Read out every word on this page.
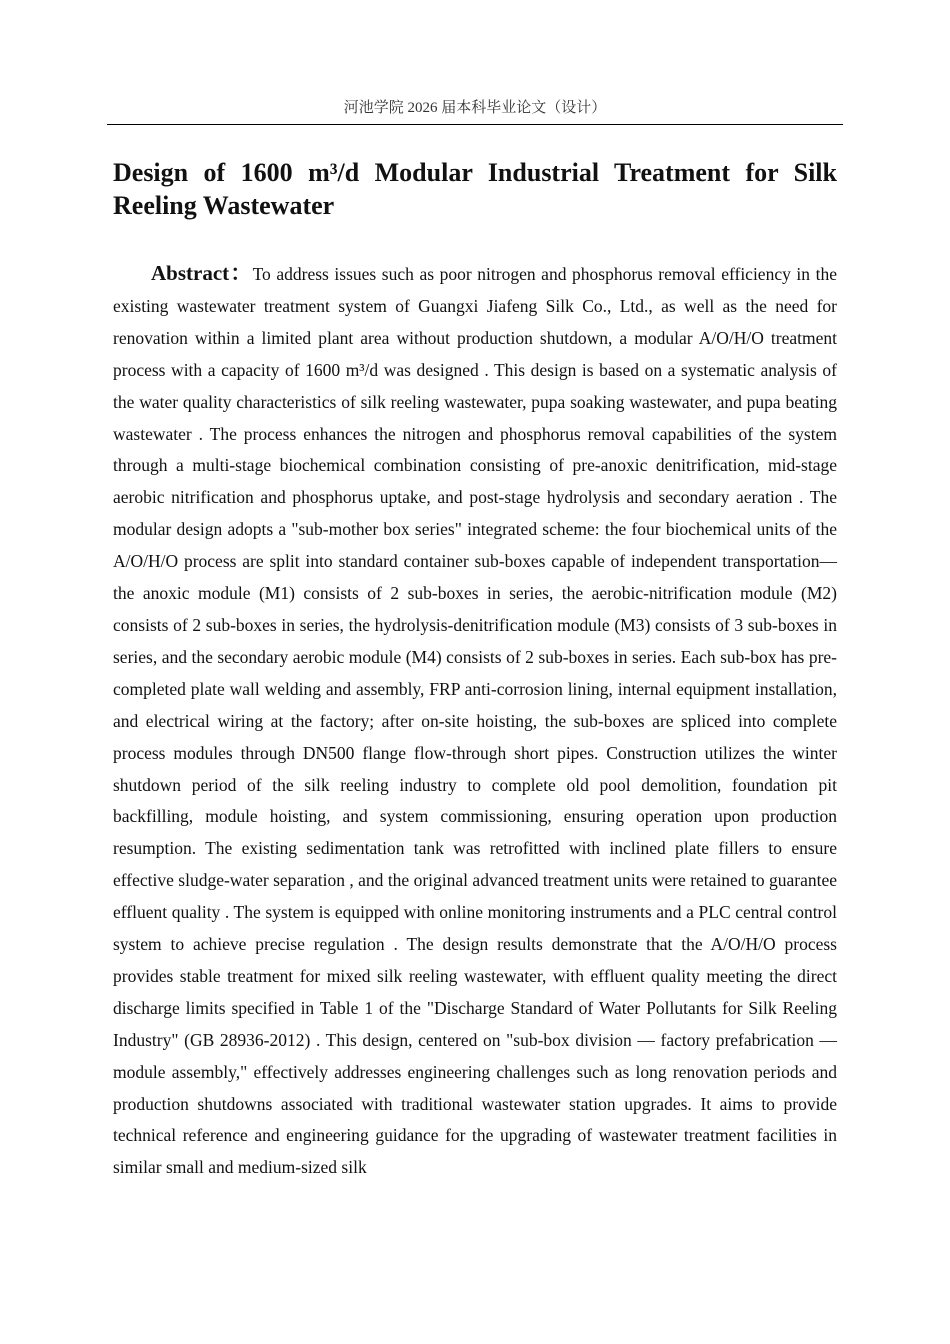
河池学院 2026 届本科毕业论文（设计）
Design of 1600 m³/d Modular Industrial Treatment for Silk Reeling Wastewater

Abstract：To address issues such as poor nitrogen and phosphorus removal efficiency in the existing wastewater treatment system of Guangxi Jiafeng Silk Co., Ltd., as well as the need for renovation within a limited plant area without production shutdown, a modular A/O/H/O treatment process with a capacity of 1600 m³/d was designed . This design is based on a systematic analysis of the water quality characteristics of silk reeling wastewater, pupa soaking wastewater, and pupa beating wastewater . The process enhances the nitrogen and phosphorus removal capabilities of the system through a multi-stage biochemical combination consisting of pre-anoxic denitrification, mid-stage aerobic nitrification and phosphorus uptake, and post-stage hydrolysis and secondary aeration . The modular design adopts a "sub-mother box series" integrated scheme: the four biochemical units of the A/O/H/O process are split into standard container sub-boxes capable of independent transportation—the anoxic module (M1) consists of 2 sub-boxes in series, the aerobic-nitrification module (M2) consists of 2 sub-boxes in series, the hydrolysis-denitrification module (M3) consists of 3 sub-boxes in series, and the secondary aerobic module (M4) consists of 2 sub-boxes in series. Each sub-box has pre-completed plate wall welding and assembly, FRP anti-corrosion lining, internal equipment installation, and electrical wiring at the factory; after on-site hoisting, the sub-boxes are spliced into complete process modules through DN500 flange flow-through short pipes. Construction utilizes the winter shutdown period of the silk reeling industry to complete old pool demolition, foundation pit backfilling, module hoisting, and system commissioning, ensuring operation upon production resumption. The existing sedimentation tank was retrofitted with inclined plate fillers to ensure effective sludge-water separation , and the original advanced treatment units were retained to guarantee effluent quality . The system is equipped with online monitoring instruments and a PLC central control system to achieve precise regulation . The design results demonstrate that the A/O/H/O process provides stable treatment for mixed silk reeling wastewater, with effluent quality meeting the direct discharge limits specified in Table 1 of the "Discharge Standard of Water Pollutants for Silk Reeling Industry" (GB 28936-2012) . This design, centered on "sub-box division — factory prefabrication — module assembly," effectively addresses engineering challenges such as long renovation periods and production shutdowns associated with traditional wastewater station upgrades. It aims to provide technical reference and engineering guidance for the upgrading of wastewater treatment facilities in similar small and medium-sized silk
